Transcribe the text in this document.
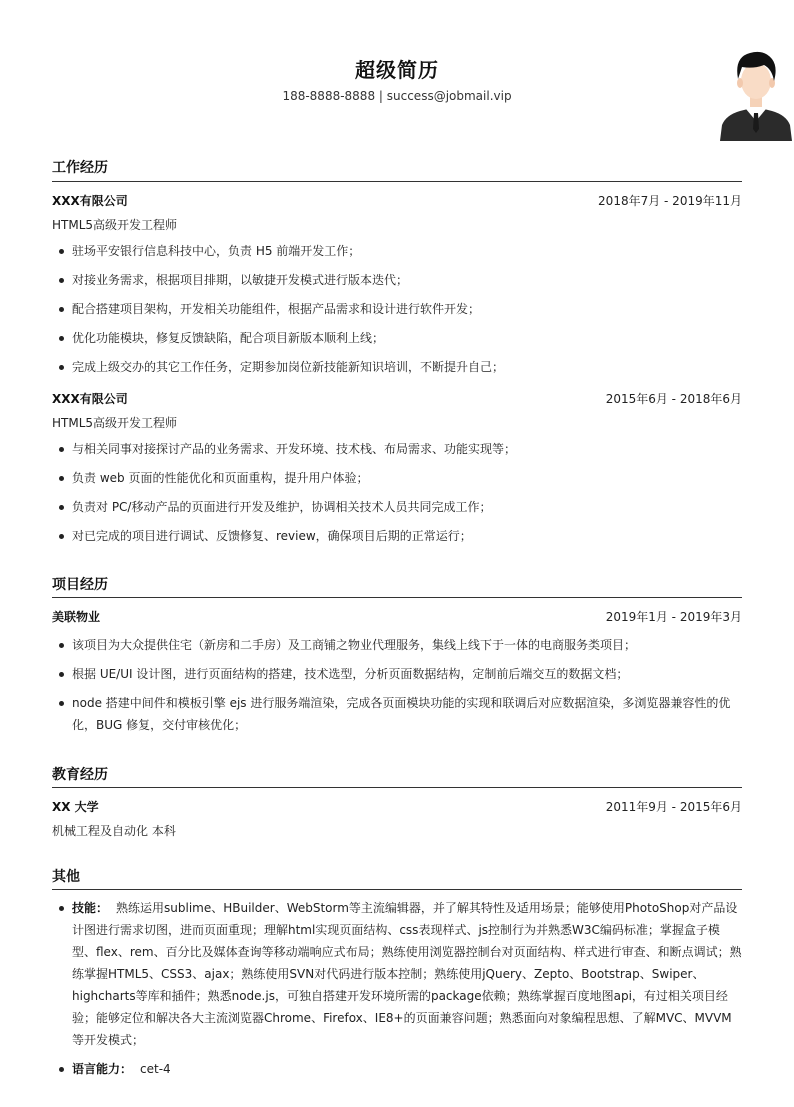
超级简历
188-8888-8888 | success@jobmail.vip
工作经历
XXX有限公司	2018年7月 - 2019年11月
HTML5高级开发工程师
驻场平安银行信息科技中心，负责 H5 前端开发工作；
对接业务需求，根据项目排期，以敏捷开发模式进行版本迭代；
配合搭建项目架构，开发相关功能组件，根据产品需求和设计进行软件开发；
优化功能模块，修复反馈缺陷，配合项目新版本顺利上线；
完成上级交办的其它工作任务，定期参加岗位新技能新知识培训，不断提升自己；
XXX有限公司	2015年6月 - 2018年6月
HTML5高级开发工程师
与相关同事对接探讨产品的业务需求、开发环境、技术栈、布局需求、功能实现等；
负责 web 页面的性能优化和页面重构，提升用户体验；
负责对 PC/移动产品的页面进行开发及维护，协调相关技术人员共同完成工作；
对已完成的项目进行调试、反馈修复、review，确保项目后期的正常运行；
项目经历
美联物业	2019年1月 - 2019年3月
该项目为大众提供住宅（新房和二手房）及工商铺之物业代理服务，集线上线下于一体的电商服务类项目；
根据 UE/UI 设计图，进行页面结构的搭建，技术选型，分析页面数据结构，定制前后端交互的数据文档；
node 搭建中间件和模板引擎 ejs 进行服务端渲染，完成各页面模块功能的实现和联调后对应数据渲染，多浏览器兼容性的优化，BUG 修复，交付审核优化；
教育经历
XX 大学	2011年9月 - 2015年6月
机械工程及自动化 本科
其他
技能： 熟练运用sublime、HBuilder、WebStorm等主流编辑器，并了解其特性及适用场景；能够使用PhotoShop对产品设计图进行需求切图，进而页面重现；理解html实现页面结构、css表现样式、js控制行为并熟悉W3C编码标准；掌握盒子模型、flex、rem、百分比及媒体查询等移动端响应式布局；熟练使用浏览器控制台对页面结构、样式进行审查、和断点调试；熟练掌握HTML5、CSS3、ajax；熟练使用SVN对代码进行版本控制；熟练使用jQuery、Zepto、Bootstrap、Swiper、highcharts等库和插件；熟悉node.js，可独自搭建开发环境所需的package依赖；熟练掌握百度地图api，有过相关项目经验；能够定位和解决各大主流浏览器Chrome、Firefox、IE8+的页面兼容问题；熟悉面向对象编程思想、了解MVC、MVVM等开发模式；
语言能力： cet-4
